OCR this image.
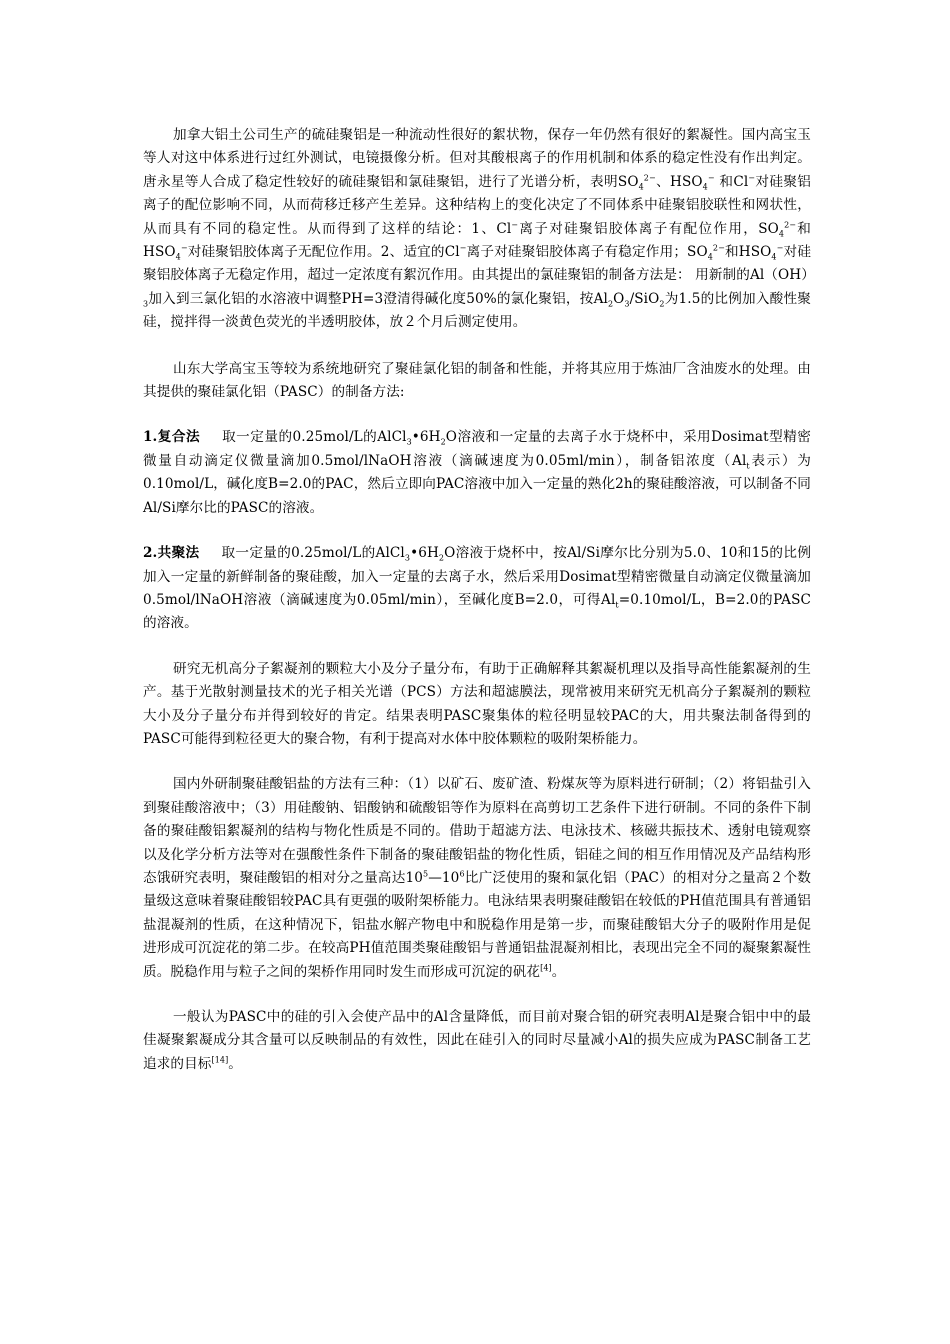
加拿大铝土公司生产的硫硅聚铝是一种流动性很好的絮状物，保存一年仍然有很好的絮凝性。国内高宝玉等人对这中体系进行过红外测试，电镜摄像分析。但对其酸根离子的作用机制和体系的稳定性没有作出判定。唐永星等人合成了稳定性较好的硫硅聚铝和氯硅聚铝，进行了光谱分析，表明$SO_4^{2-}$、$HSO_4^-$ 和Cl−对硅聚铝离子的配位影响不同，从而荷移迁移产生差异。这种结构上的变化决定了不同体系中硅聚铝胶联性和网状性，从而具有不同的稳定性。从而得到了这样的结论：1、Cl−离子对硅聚铝胶体离子有配位作用，$SO_4^{2-}$和$HSO_4^-$对硅聚铝胶体离子无配位作用。2、适宜的Cl−离子对硅聚铝胶体离子有稳定作用；$SO_4^{2-}$和$HSO_4^-$对硅聚铝胶体离子无稳定作用，超过一定浓度有絮沉作用。由其提出的氯硅聚铝的制备方法是： 用新制的$Al(OH)_3$加入到三氯化铝的水溶液中调整PH=3澄清得碱化度50%的氯化聚铝，按$Al_2O_3/SiO_2$为1.5的比例加入酸性聚硅，搅拌得一淡黄色荧光的半透明胶体，放２个月后测定使用。

山东大学高宝玉等较为系统地研究了聚硅氯化铝的制备和性能，并将其应用于炼油厂含油废水的处理。由其提供的聚硅氯化铝（PASC）的制备方法:

1.复合法 取一定量的0.25mol/L的$AlCl_3•6H_2O$溶液和一定量的去离子水于烧杯中，采用Dosimat型精密微量自动滴定仪微量滴加0.5mol/lNaOH溶液（滴碱速度为0.05ml/min），制备铝浓度（$Al_t$表示）为0.10mol/L，碱化度B=2.0的PAC，然后立即向PAC溶液中加入一定量的熟化2h的聚硅酸溶液，可以制备不同Al/Si摩尔比的PASC的溶液。

2.共聚法 取一定量的0.25mol/L的$AlCl_3•6H_2O$溶液于烧杯中，按Al/Si摩尔比分别为5.0、10和15的比例加入一定量的新鲜制备的聚硅酸，加入一定量的去离子水，然后采用Dosimat型精密微量自动滴定仪微量滴加0.5mol/lNaOH溶液（滴碱速度为0.05ml/min），至碱化度B=2.0，可得$Al_t=0.10mol/L$，B=2.0的PASC的溶液。

研究无机高分子絮凝剂的颗粒大小及分子量分布，有助于正确解释其絮凝机理以及指导高性能絮凝剂的生产。基于光散射测量技术的光子相关光谱（PCS）方法和超滤膜法，现常被用来研究无机高分子絮凝剂的颗粒大小及分子量分布并得到较好的肯定。结果表明PASC聚集体的粒径明显较PAC的大，用共聚法制备得到的PASC可能得到粒径更大的聚合物，有利于提高对水体中胶体颗粒的吸附架桥能力。

国内外研制聚硅酸铝盐的方法有三种：（1）以矿石、废矿渣、粉煤灰等为原料进行研制；（2）将铝盐引入到聚硅酸溶液中；（3）用硅酸钠、铝酸钠和硫酸铝等作为原料在高剪切工艺条件下进行研制。不同的条件下制备的聚硅酸铝絮凝剂的结构与物化性质是不同的。借助于超滤方法、电泳技术、核磁共振技术、透射电镜观察以及化学分析方法等对在强酸性条件下制备的聚硅酸铝盐的物化性质，铝硅之间的相互作用情况及产品结构形态饿研究表明，聚硅酸铝的相对分之量高达$10^5—10^6$比广泛使用的聚和氯化铝（PAC）的相对分之量高２个数量级这意味着聚硅酸铝较PAC具有更强的吸附架桥能力。电泳结果表明聚硅酸铝在较低的PH值范围具有普通铝盐混凝剂的性质，在这种情况下，铝盐水解产物电中和脱稳作用是第一步，而聚硅酸铝大分子的吸附作用是促进形成可沉淀花的第二步。在较高PH值范围类聚硅酸铝与普通铝盐混凝剂相比，表现出完全不同的凝聚絮凝性质。脱稳作用与粒子之间的架桥作用同时发生而形成可沉淀的矾花[4]。

一般认为PASC中的硅的引入会使产品中的Al含量降低，而目前对聚合铝的研究表明Al是聚合铝中中的最佳凝聚絮凝成分其含量可以反映制品的有效性，因此在硅引入的同时尽量减小Al的损失应成为PASC制备工艺追求的目标[14]。
